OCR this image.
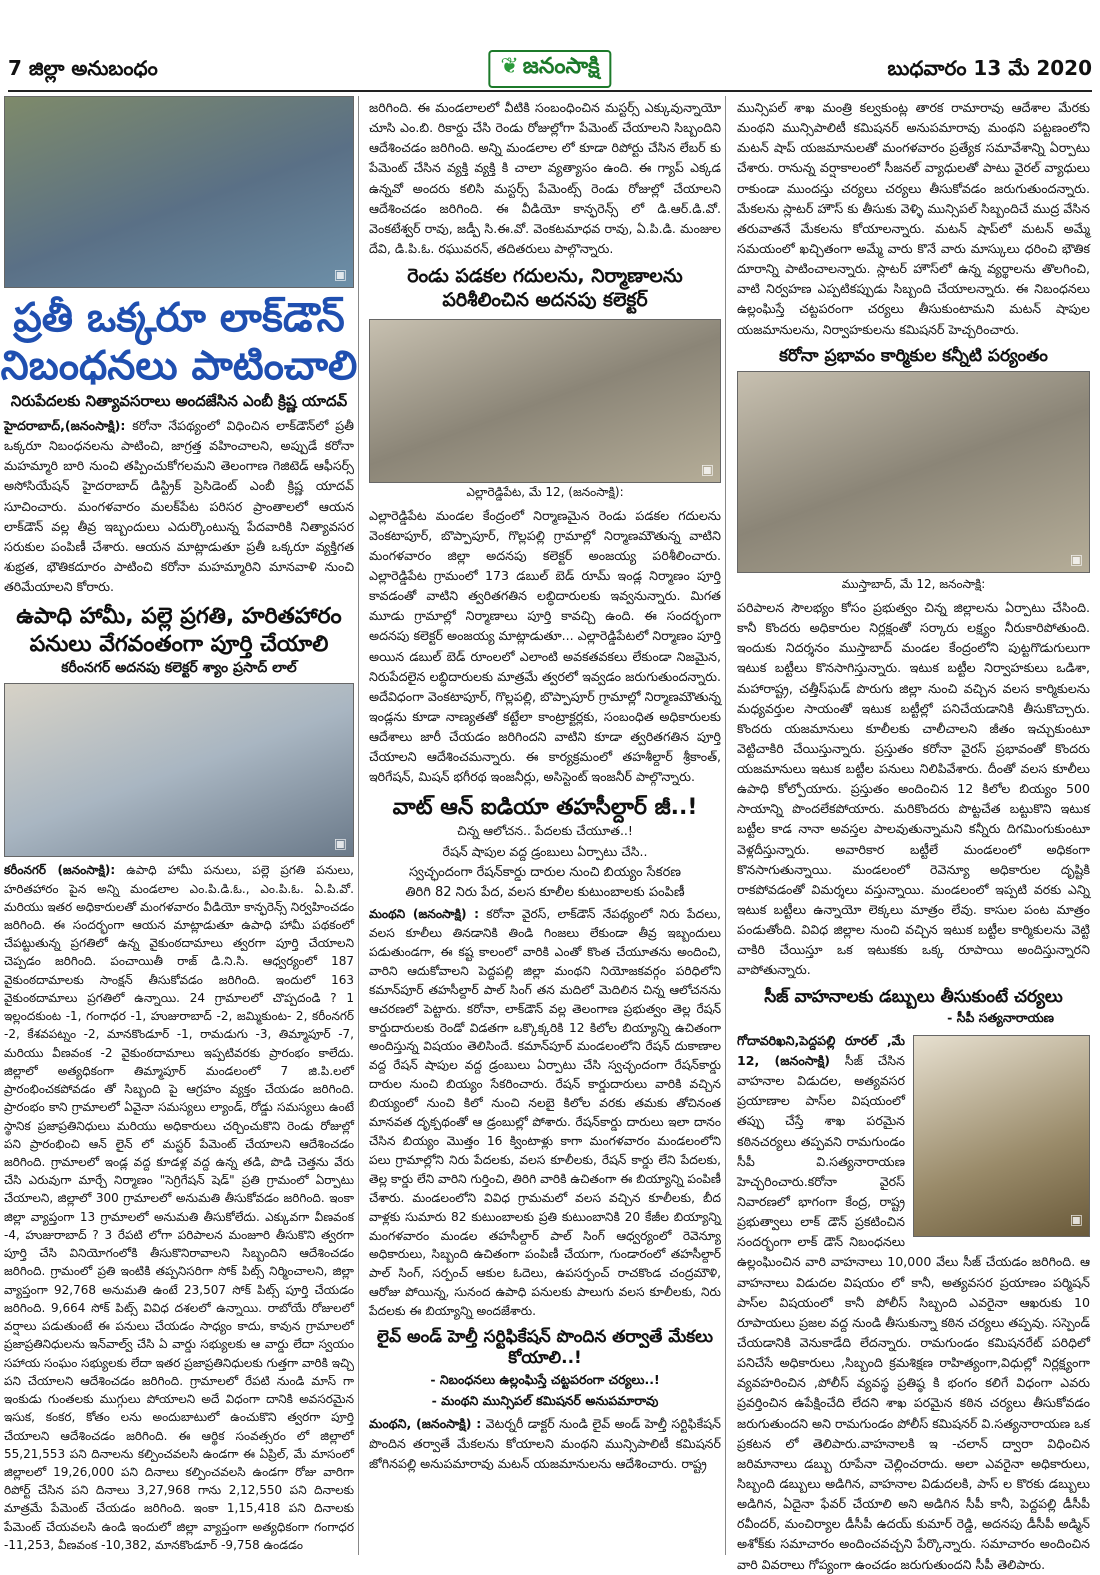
7 జిల్లా అనుబంధం	❦ జనంసాక్షి	బుధవారం 13 మే 2020
▣
ప్రతీ ఒక్కరూ లాక్‌డౌన్ నిబంధనలు పాటించాలి
నిరుపేదలకు నిత్యావసరాలు అందజేసిన ఎంబీ క్రిష్ణ యాదవ్
హైదరాబాద్,(జనంసాక్షి): కరోనా నేపథ్యంలో విధించిన లాక్‌డౌన్‌లో ప్రతీ ఒక్కరూ నిబంధనలను పాటించి, జాగ్రత్త వహించాలని, అప్పుడే కరోనా మహమ్మారి బారి నుంచి తప్పించుకోగలమని తెలంగాణ గెజిటెడ్ ఆఫీసర్స్ అసోసియేషన్ హైదరాబాద్ డిస్ట్రిక్ ప్రెసిడెంట్ ఎంబీ క్రిష్ణ యాదవ్ సూచించారు. మంగళవారం మలక్‌పేట పరిసర ప్రాంతాలలో ఆయన లాక్‌డౌన్ వల్ల తీవ్ర ఇబ్బందులు ఎదుర్కొంటున్న పేదవారికి నిత్యావసర సరుకుల పంపిణీ చేశారు. ఆయన మాట్లాడుతూ ప్రతీ ఒక్కరూ వ్యక్తిగత శుభ్రత, భౌతికదూరం పాటించి కరోనా మహమ్మారిని మానవాళి నుంచి తరిమేయాలని కోరారు.
ఉపాధి హామీ, పల్లె ప్రగతి, హరితహారం పనులు వేగవంతంగా పూర్తి చేయాలి
కరీంనగర్ అదనపు కలెక్టర్ శ్యాం ప్రసాద్ లాల్
▣
కరీంనగర్ (జనంసాక్షి): ఉపాధి హామీ పనులు, పల్లె ప్రగతి పనులు, హరితహారం పైన అన్ని మండలాల ఎం.పి.డి.ఓ., ఎం.పి.ఓ. ఏ.పి.వో. మరియు ఇతర అధికారులతో మంగళవారం వీడియో కాన్ఫరెన్స్ నిర్వహించడం జరిగింది. ఈ సందర్భంగా ఆయన మాట్లాడుతూ ఉపాధి హామీ పథకంలో చేపట్టుతున్న ప్రగతిలో ఉన్న వైకుంఠదామాలు త్వరగా పూర్తి చేయాలని చెప్పడం జరిగింది. పంచాయితీ రాజ్ డి.ని.సి. ఆధ్వర్యంలో 187 వైకుంఠదామాలకు సాంక్షన్ తీసుకోవడం జరిగింది. ఇందులో 163 వైకుంఠదామాలు ప్రగతిలో ఉన్నాయి. 24 గ్రామాలలో చొప్పదండి ? 1 ఇల్లందకుంట -1, గంగాధర -1, హుజురాబాద్ -2, జమ్మికుంట- 2, కరీంనగర్ -2, కేశవపట్నం -2, మానకొండూర్ -1, రామడుగు -3, తిమ్మాపూర్ -7, మరియు వీణవంక -2 వైకుంఠదామాలు ఇప్పటివరకు ప్రారంభం కాలేదు. జిల్లాలో అత్యధికంగా తిమ్మాపూర్ మండలంలో 7 జి.పి.లలో ప్రారంభించకపోవడం తో సిబ్బంది పై ఆగ్రహం వ్యక్తం చేయడం జరిగింది. ప్రారంభం కాని గ్రామాలలో ఏవైనా సమస్యలు ల్యాండ్, రోడ్డు సమస్యలు ఉంటే స్థానిక ప్రజాప్రతినిధులు మరియు అధికారులు చర్చించుకొని రెండు రోజుల్లో పని ప్రారంభించి ఆన్ లైన్ లో మస్టర్ పేమెంట్ చేయాలని ఆదేశించడం జరిగింది. గ్రామాలలో ఇండ్ల వద్ద కూడళ్ల వద్ద ఉన్న తడి, పొడి చెత్తను వేరు చేసి ఎరువుగా మార్చే నిర్మాణం "సెగ్రిగేషన్ షెడ్" ప్రతి గ్రామంలో ఏర్పాటు చేయాలని, జిల్లాలో 300 గ్రామాలలో అనుమతి తీసుకోవడం జరిగింది. ఇంకా జిల్లా వ్యాప్తంగా 13 గ్రామాలలో అనుమతి తీసుకోలేదు. ఎక్కువగా వీణవంక -4, హుజురాబాద్ ? 3 రేపటి లోగా పరిపాలన మంజూరి తీసుకొని త్వరగా పూర్తి చేసి వినియోగంలోకి తీసుకొనిరావాలని సిబ్బందిని ఆదేశించడం జరిగింది. గ్రామంలో ప్రతి ఇంటికి తప్పనిసరిగా సోక్ పిట్స్ నిర్మించాలని, జిల్లా వ్యాప్తంగా 92,768 అనుమతి ఉంటే 23,507 సోక్ పిట్స్ పూర్తి చేయడం జరిగింది. 9,664 సోక్ పిట్స్ వివిధ దశలలో ఉన్నాయి. రాబోయే రోజులలో వర్షాలు పడుతుంటే ఈ పనులు చేయడం సాధ్యం కాదు, కావున గ్రామాలలో ప్రజాప్రతినిధులను ఇన్‌వాల్వ్ చేసి ఏ వార్డు సభ్యులకు ఆ వార్డు లేదా స్వయం సహాయ సంఘం సభ్యులకు లేదా ఇతర ప్రజాప్రతినిధులకు గుత్తగా వారికి ఇచ్చి పని చేయాలని ఆదేశించడం జరిగింది. గ్రామాలలో రేపటి నుండి మాస్ గా ఇంకుడు గుంతలకు ముగ్గులు పోయాలని అదే విధంగా దానికి అవసరమైన ఇసుక, కంకర, కోతం లను అందుబాటులో ఉంచుకొని త్వరగా పూర్తి చేయాలని ఆదేశించడం జరిగింది. ఈ ఆర్థిక సంవత్సరం లో జిల్లాలో 55,21,553 పని దినాలను కల్పించవలసి ఉండగా ఈ ఏప్రిల్, మే మాసంలో జిల్లాలలో 19,26,000 పని దినాలు కల్పించవలసి ఉండగా రోజు వారిగా రిపోర్ట్ చేసిన పని దినాలు 3,27,968 గాను 2,12,550 పని దినాలకు మాత్రమే పేమెంట్ చేయడం జరిగింది. ఇంకా 1,15,418 పని దినాలకు పేమెంట్ చేయవలసి ఉండి ఇందులో జిల్లా వ్యాప్తంగా అత్యధికంగా గంగాధర -11,253, వీణవంక -10,382, మానకొండూర్ -9,758 ఉండడం
జరిగింది. ఈ మండలాలలో వీటికి సంబంధించిన మస్టర్స్ ఎక్కువున్నాయో చూసి ఎం.బి. రికార్డు చేసి రెండు రోజుల్లోగా పేమెంట్ చేయాలని సిబ్బందిని ఆదేశించడం జరిగింది. అన్ని మండలాల లో కూడా రిపోర్టు చేసిన లేబర్ కు పేమెంట్ చేసిన వ్యక్తి వ్యక్తి కి చాలా వ్యత్యాసం ఉంది. ఈ గ్యాప్ ఎక్కడ ఉన్నవో అందరు కలిసి మస్టర్స్ పేమెంట్స్ రెండు రోజుల్లో చేయాలని ఆదేశించడం జరిగింది. ఈ వీడియో కాన్ఫరెన్స్ లో డి.ఆర్.డి.వో. వెంకటేశ్వర్ రావు, జడ్పీ సి.ఈ.వో. వెంకటమాధవ రావు, ఏ.పి.డి. మంజుల దేవి, డి.పి.ఓ. రఘువరన్, తదితరులు పాల్గొన్నారు.
రెండు పడకల గదులను, నిర్మాణాలను పరిశీలించిన అదనపు కలెక్టర్
▣
ఎల్లారెడ్డిపేట, మే 12, (జనంసాక్షి):
ఎల్లారెడ్డిపేట మండల కేంద్రంలో నిర్మాణమైన రెండు పడకల గదులను వెంకటాపూర్, బొప్పాపూర్, గొల్లపల్లి గ్రామాల్లో నిర్మాణమౌతున్న వాటిని మంగళవారం జిల్లా అదనపు కలెక్టర్ అంజయ్య పరిశీలించారు. ఎల్లారెడ్డిపేట గ్రామంలో 173 డబుల్ బెడ్ రూమ్ ఇండ్ల నిర్మాణం పూర్తి కావడంతో వాటిని త్వరితగతిన లబ్ధిదారులకు ఇవ్వనున్నారు. మిగత మూడు గ్రామాల్లో నిర్మాణాలు పూర్తి కావచ్చి ఉంది. ఈ సందర్భంగా అదనపు కలెక్టర్ అంజయ్య మాట్లాడుతూ... ఎల్లారెడ్డిపేటలో నిర్మాణం పూర్తి అయిన డబుల్ బెడ్ రూంలలో ఎలాంటి అవకతవకలు లేకుండా నిజమైన, నిరుపేదలైన లబ్ధిదారులకు మాత్రమే త్వరలో ఇవ్వడం జరుగుతుందన్నారు. అదేవిధంగా వెంకటాపూర్, గొల్లపల్లి, బొప్పాపూర్ గ్రామాల్లో నిర్మాణమౌతున్న ఇండ్లను కూడా నాణ్యతతో కట్టేలా కాంట్రాక్టర్లకు, సంబంధిత అధికారులకు ఆదేశాలు జారీ చేయడం జరిగిందని వాటిని కూడా త్వరితగతిన పూర్తి చేయాలని ఆదేశించమన్నారు. ఈ కార్యక్రమంలో తహశీల్దార్ శ్రీకాంత్, ఇరిగేషన్, మిషన్ భగీరథ ఇంజనీర్లు, అసిస్టెంట్ ఇంజనీర్ పాల్గొన్నారు.
వాట్ ఆన్ ఐడియా తహసీల్దార్ జీ..!
చిన్న ఆలోచన.. పేదలకు చేయూత..!
రేషన్ షాపుల వద్ద డ్రంబులు ఏర్పాటు చేసి..
స్వచ్ఛందంగా రేషన్‌కార్డు దారుల నుంచి బియ్యం సేకరణ
తిరిగి 82 నిరు పేద, వలస కూలీల కుటుంబాలకు పంపిణీ
మంథని (జనంసాక్షి) : కరోనా వైరస్, లాక్‌డౌన్ నేపథ్యంలో నిరు పేదలు, వలస కూలీలు తినడానికి తిండి గింజలు లేకుండా తీవ్ర ఇబ్బందులు పడుతుండగా, ఈ కష్ట కాలంలో వారికి ఎంతో కొంత చేయూతను అందించి, వారిని ఆదుకోవాలని పెద్దపల్లి జిల్లా మంథని నియోజకవర్గం పరిధిలోని కమాన్‌పూర్ తహసీల్దార్ పాల్ సింగ్ తన మదిలో మెదిలిన చిన్న ఆలోచనను ఆచరణలో పెట్టారు. కరోనా, లాక్‌డౌన్ వల్ల తెలంగాణ ప్రభుత్వం తెల్ల రేషన్ కార్డుదారులకు రెండో విడతగా ఒక్కొక్కరికి 12 కిలోల బియ్యాన్ని ఉచితంగా అందిస్తున్న విషయం తెలిసిందే. కమాన్‌పూర్ మండలంలోని రేషన్ దుకాణాల వద్ద రేషన్ షాపుల వద్ద డ్రంబులు ఏర్పాటు చేసి స్వచ్ఛందంగా రేషన్‌కార్డు దారుల నుంచి బియ్యం సేకరించారు. రేషన్ కార్డుదారులు వారికి వచ్చిన బియ్యంలో నుంచి కిలో నుంచి నలబై కిలోల వరకు తమకు తోచినంత మానవత దృక్పథంతో ఆ డ్రంబుల్లో పోశారు. రేషన్‌కార్డు దారులు ఇలా దానం చేసిన బియ్యం మొత్తం 16 క్వింటాళ్లు కాగా మంగళవారం మండలంలోని పలు గ్రామాల్లోని నిరు పేదలకు, వలస కూలీలకు, రేషన్ కార్డు లేని పేదలకు, తెల్ల కార్డు లేని వారిని గుర్తించి, తిరిగి వారికి ఉచితంగా ఈ బియ్యాన్ని పంపిణీ చేశారు. మండలంలోని వివిధ గ్రామమలో వలస వచ్చిన కూలీలకు, బీద వాళ్లకు సుమారు 82 కుటుంబాలకు ప్రతి కుటుంబానికి 20 కేజీల బియ్యాన్ని మంగళవారం మండల తహసీల్దార్ పాల్ సింగ్ ఆధ్వర్యంలో రెవెన్యూ అధికారులు, సిబ్బంది ఉచితంగా పంపిణీ చేయగా, గుండారంలో తహసీల్దార్ పాల్ సింగ్, సర్పంచ్ ఆకుల ఓదెలు, ఉపసర్పంచ్ రాచకొండ చంద్రమౌళి, ఆరోజు పోయిన్న, సునంద ఉపాధి పనులకు పాలుగు వలస కూలీలకు, నిరు పేదలకు ఈ బియ్యాన్ని అందజేశారు.
లైవ్ అండ్ హెల్తీ సర్టిఫికేషన్ పొందిన తర్వాతే మేకలు కోయాలి..!
- నిబంధనలు ఉల్లంఘిస్తే చట్టపరంగా చర్యలు..!
- మంథని మున్సిపల్ కమిషనర్ అనుపమారావు
మంథని, (జనంసాక్షి) : వెటర్నరీ డాక్టర్ నుండి లైవ్ అండ్ హెల్తీ సర్టిఫికేషన్ పొందిన తర్వాతే మేకలను కోయాలని మంథని మున్సిపాలిటీ కమిషనర్ జోగినపల్లి అనుపమారావు మటన్ యజమానులను ఆదేశించారు. రాష్ట్ర
మున్సిపల్ శాఖ మంత్రి కల్వకుంట్ల తారక రామారావు ఆదేశాల మేరకు మంథని మున్సిపాలిటీ కమిషనర్ అనుపమారావు మంథని పట్టణంలోని మటన్ షాప్ యజమానులతో మంగళవారం ప్రత్యేక సమావేశాన్ని ఏర్పాటు చేశారు. రానున్న వర్షాకాలంలో సీజనల్ వ్యాధులతో పాటు వైరల్ వ్యాధులు రాకుండా ముందస్తు చర్యలు చర్యలు తీసుకోవడం జరుగుతుందన్నారు. మేకలను స్లాటర్ హౌస్ కు తీసుకు వెళ్ళి మున్సిపల్ సిబ్బందిచే ముద్ర వేసిన తరువాతనే మేకలను కోయాలన్నారు. మటన్ షాప్‌లో మటన్ అమ్మే సమయంలో ఖచ్చితంగా అమ్మే వారు కొనే వారు మాస్కులు ధరించి భౌతిక దూరాన్ని పాటించాలన్నారు. స్లాటర్ హౌస్‌లో ఉన్న వ్యర్థాలను తొలగించి, వాటి నిర్వహణ ఎప్పటికప్పుడు సిబ్బంది చేయాలన్నారు. ఈ నిబంధనలు ఉల్లంఘిస్తే చట్టపరంగా చర్యలు తీసుకుంటామని మటన్ షాపుల యజమానులను, నిర్వాహకులను కమిషనర్ హెచ్చరించారు.
కరోనా ప్రభావం కార్మికుల కన్నీటి పర్యంతం
▣
ముస్తాబాద్, మే 12, జనంసాక్షి:
పరిపాలన సౌలభ్యం కోసం ప్రభుత్వం చిన్న జిల్లాలను ఏర్పాటు చేసింది. కానీ కొందరు అధికారుల నిర్లక్షంతో సర్కారు లక్ష్యం నీరుకారిపోతుంది. ఇందుకు నిదర్శనం ముస్తాబాద్ మండల కేంద్రంలోని పుట్టగొడుగులుగా ఇటుక బట్టీలు కొనసాగిస్తున్నారు. ఇటుక బట్టీల నిర్వాహకులు ఒడిశా, మహారాష్ట్ర, చత్తీస్‌ఘడ్ పొరుగు జిల్లా నుంచి వచ్చిన వలస కార్మికులను మధ్యవర్తుల సాయంతో ఇటుక బట్టీల్లో పనిచేయడానికి తీసుకొచ్చారు. కొందరు యజమానులు కూలీలకు చాలీచాలని జీతం ఇచ్చుకుంటూ వెట్టిచాకిరి చేయిస్తున్నారు. ప్రస్తుతం కరోనా వైరస్ ప్రభావంతో కొందరు యజమానులు ఇటుక బట్టీల పనులు నిలిపివేశారు. దీంతో వలస కూలీలు ఉపాధి కోల్పోయారు. ప్రస్తుతం అందించిన 12 కిలోల బియ్యం 500 సాయాన్ని పొందలేకపోయారు. మరికొందరు పొట్టచేత బట్టుకొని ఇటుక బట్టీల కాడ నానా అవస్తల పాలవుతున్నామని కన్నీరు దిగమింగుకుంటూ వెళ్లదీస్తున్నారు. అవారికార బట్టీలే మండలంలో అధికంగా కొనసాగుతున్నాయి. మండలంలో రెవెన్యూ అధికారుల దృష్టికి రాకపోవడంతో విమర్శలు వస్తున్నాయి. మండలంలో ఇప్పటి వరకు ఎన్ని ఇటుక బట్టీలు ఉన్నాయో లెక్కలు మాత్రం లేవు. కాసుల పంట మాత్రం పండుతోంది. వివిధ జిల్లాల నుంచి వచ్చిన ఇటుక బట్టీల కార్మికులను వెట్టి చాకిరి చేయిస్తూ ఒక ఇటుకకు ఒక్క రూపాయి అందిస్తున్నారని వాపోతున్నారు.
సీజ్ వాహనాలకు డబ్బులు తీసుకుంటే చర్యలు
- సీపీ సత్యనారాయణ
▣
గోదావరిఖని,పెద్దపల్లి రూరల్ ,మే 12, (జనంసాక్షి) సీజ్ చేసిన వాహనాల విడుదల, అత్యవసర ప్రయాణాల పాస్‌ల విషయంలో తప్పు చేస్తే శాఖ పరమైన కఠినచర్యలు తప్పవని రామగుండం సీపీ వి.సత్యనారాయణ హెచ్చరించారు.కరోనా వైరస్ నివారణలో భాగంగా కేంద్ర, రాష్ట్ర ప్రభుత్వాలు లాక్ డౌన్ ప్రకటించిన సందర్భంగా లాక్ డౌన్ నిబంధనలు ఉల్లంఘించిన వారి వాహనాలు 10,000 వేలు సీజ్ చేయడం జరిగింది. ఆ వాహనాలు విడుదల విషయం లో కానీ, అత్యవసర ప్రయాణం పర్మిషన్ పాస్‌ల విషయంలో కానీ పోలీస్ సిబ్బంది ఎవరైనా ఆఖరుకు 10 రూపాయలు ప్రజల వద్ద నుండి తీసుకున్నా కఠిన చర్యలు తప్పవు. సస్పెండ్ చేయడానికి వెనుకాడేది లేదన్నారు. రామగుండం కమిషనరేట్ పరిధిలో పనిచేసే అధికారులు ,సిబ్బంది క్రమశిక్షణ రాహిత్యంగా,విధుల్లో నిర్లక్ష్యంగా వ్యవహరించిన ,పోలీస్ వ్యవస్థ ప్రతిష్ఠ కి భంగం కలిగే విధంగా ఎవరు ప్రవర్తించిన ఉపేక్షించేది లేదని శాఖ పరమైన కఠిన చర్యలు తీసుకోవడం జరుగుతుందని అని రామగుండం పోలీస్ కమిషనర్ వి.సత్యనారాయణ ఒక ప్రకటన లో తెలిపారు.వాహనాలకి ఇ -చలాన్ ద్వారా విధించిన జరిమానాలు డబ్బు రూపేనా చెల్లించరాదు. అలా ఎవరైనా అధికారులు, సిబ్బంది డబ్బులు అడిగిన, వాహనాల విడుదలకి, పాస్ ల కొరకు డబ్బులు అడిగిన, ఏదైనా ఫేవర్ చేయాలి అని అడిగిన సీపీ కానీ, పెద్దపల్లి డీసీపీ రవీందర్, మంచిర్యాల డీసీపీ ఉదయ్ కుమార్ రెడ్డి, అదనపు డీసీపీ అడ్మిన్ అశోక్‌కు సమాచారం అందించవచ్చని పేర్కొన్నారు. సమాచారం అందించిన వారి వివరాలు గోప్యంగా ఉంచడం జరుగుతుందని సీపీ తెలిపారు.
